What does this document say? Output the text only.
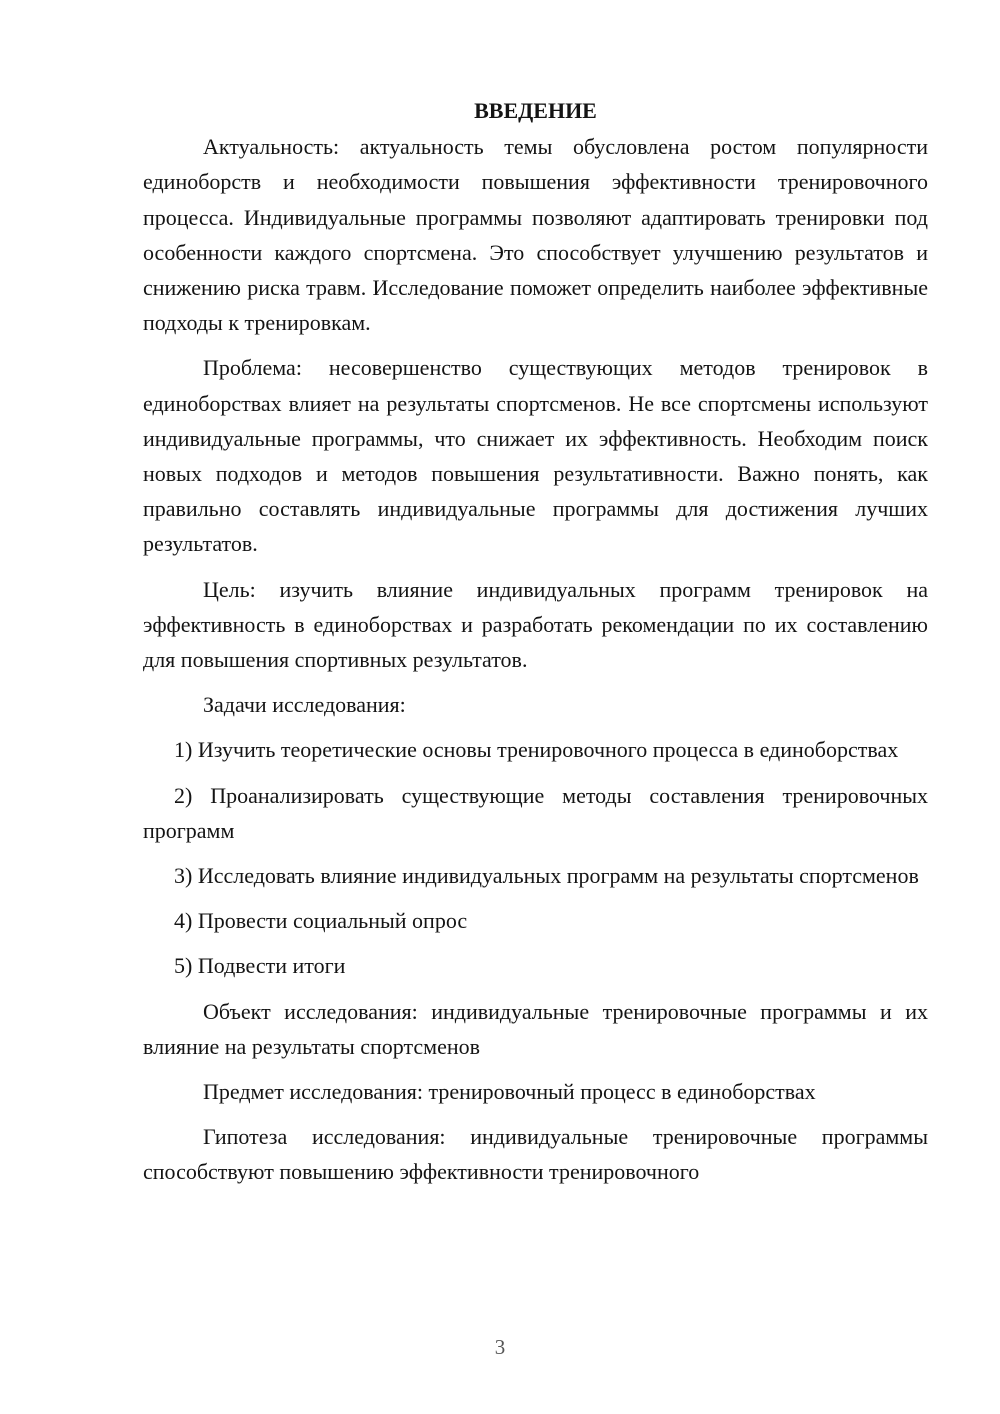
ВВЕДЕНИЕ

Актуальность: актуальность темы обусловлена ростом популярности единоборств и необходимости повышения эффективности тренировочного процесса. Индивидуальные программы позволяют адаптировать тренировки под особенности каждого спортсмена. Это способствует улучшению результатов и снижению риска травм. Исследование поможет определить наиболее эффективные подходы к тренировкам.

Проблема: несовершенство существующих методов тренировок в единоборствах влияет на результаты спортсменов. Не все спортсмены используют индивидуальные программы, что снижает их эффективность. Необходим поиск новых подходов и методов повышения результативности. Важно понять, как правильно составлять индивидуальные программы для достижения лучших результатов.

Цель: изучить влияние индивидуальных программ тренировок на эффективность в единоборствах и разработать рекомендации по их составлению для повышения спортивных результатов.

Задачи исследования:

1) Изучить теоретические основы тренировочного процесса в единоборствах

2) Проанализировать существующие методы составления тренировочных программ

3) Исследовать влияние индивидуальных программ на результаты спортсменов

4) Провести социальный опрос

5) Подвести итоги

Объект исследования: индивидуальные тренировочные программы и их влияние на результаты спортсменов

Предмет исследования: тренировочный процесс в единоборствах

Гипотеза исследования: индивидуальные тренировочные программы способствуют повышению эффективности тренировочного

3
